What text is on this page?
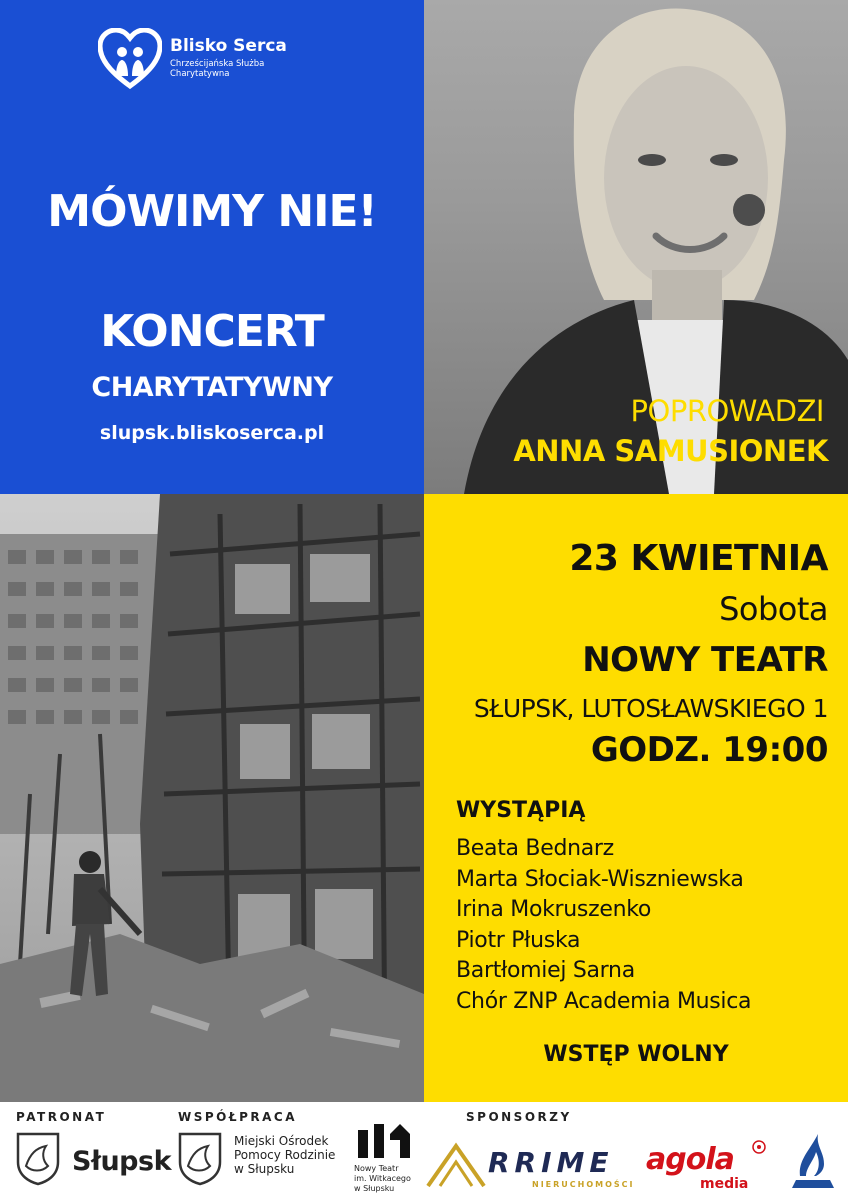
Blisko Serca
Chrześcijańska Służba
Charytatywna
MÓWIMY NIE!
KONCERT
CHARYTATYWNY
slupsk.bliskoserca.pl
POPROWADZI
ANNA SAMUSIONEK
23 KWIETNIA
Sobota
NOWY TEATR
SŁUPSK, LUTOSŁAWSKIEGO 1
GODZ. 19:00
WYSTĄPIĄ
Beata Bednarz
Marta Słociak-Wiszniewska
Irina Mokruszenko
Piotr Płuska
Bartłomiej Sarna
Chór ZNP Academia Musica
WSTĘP WOLNY
PATRONAT	WSPÓŁPRACA	SPONSORZY
Słupsk
Miejski Ośrodek
Pomocy Rodzinie
w Słupsku	Nowy Teatr
im. Witkacego
w Słupsku
RRIME
NIERUCHOMOŚCI
agola
media
